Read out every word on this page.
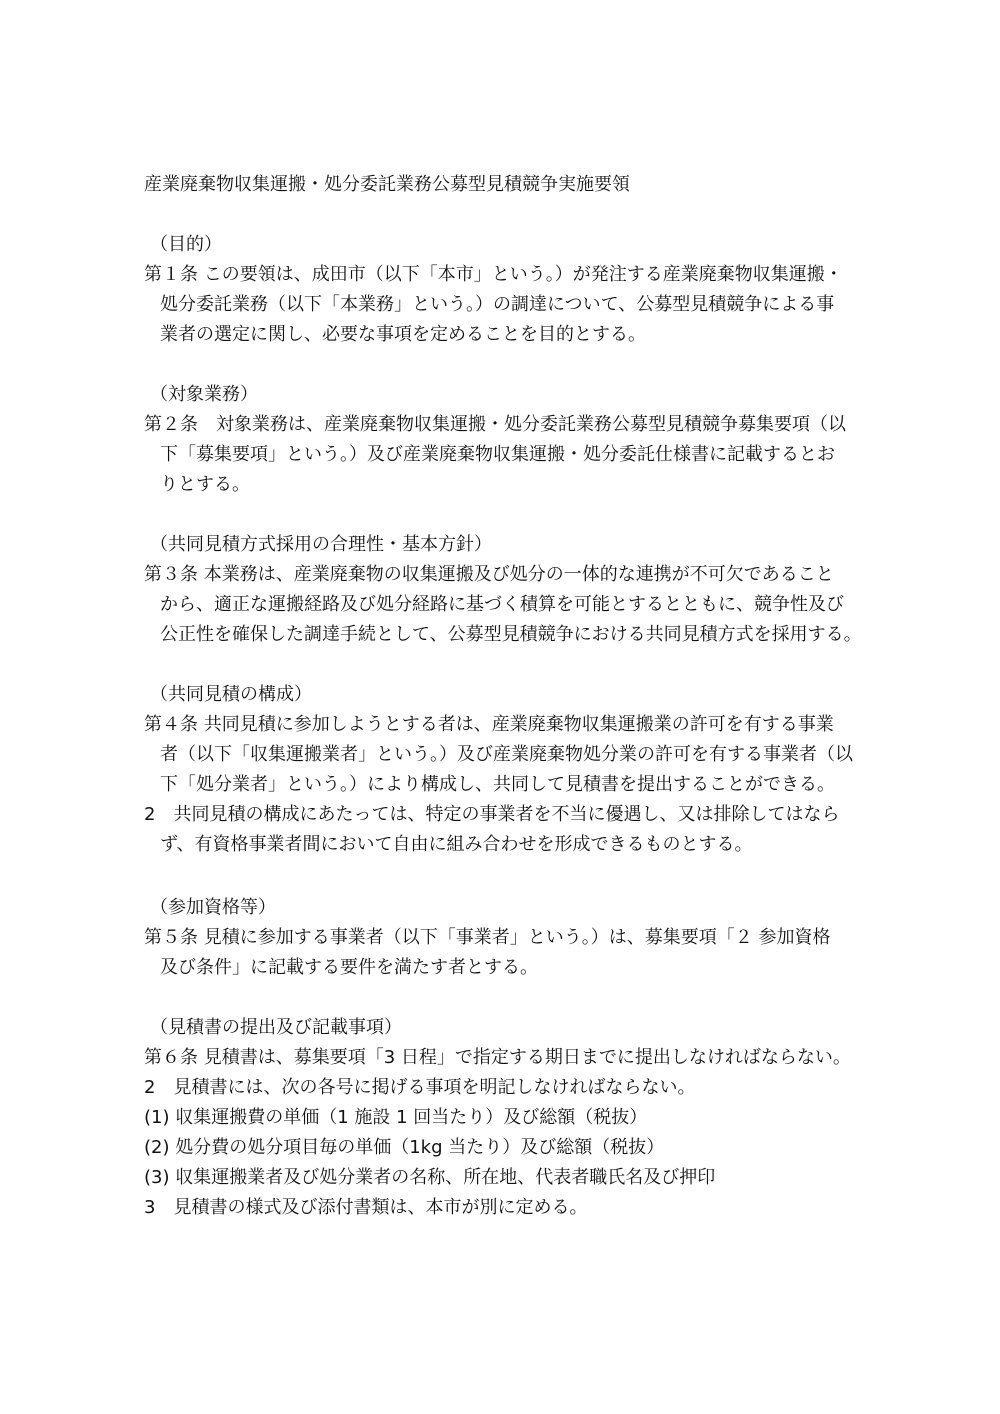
産業廃棄物収集運搬・処分委託業務公募型見積競争実施要領
（目的）
第１条 この要領は、成田市（以下「本市」という。）が発注する産業廃棄物収集運搬・
処分委託業務（以下「本業務」という。）の調達について、公募型見積競争による事
業者の選定に関し、必要な事項を定めることを目的とする。
（対象業務）
第２条　対象業務は、産業廃棄物収集運搬・処分委託業務公募型見積競争募集要項（以
下「募集要項」という。）及び産業廃棄物収集運搬・処分委託仕様書に記載するとお
りとする。
（共同見積方式採用の合理性・基本方針）
第３条 本業務は、産業廃棄物の収集運搬及び処分の一体的な連携が不可欠であること
から、適正な運搬経路及び処分経路に基づく積算を可能とするとともに、競争性及び
公正性を確保した調達手続として、公募型見積競争における共同見積方式を採用する。
（共同見積の構成）
第４条 共同見積に参加しようとする者は、産業廃棄物収集運搬業の許可を有する事業
者（以下「収集運搬業者」という。）及び産業廃棄物処分業の許可を有する事業者（以
下「処分業者」という。）により構成し、共同して見積書を提出することができる。
2　共同見積の構成にあたっては、特定の事業者を不当に優遇し、又は排除してはなら
ず、有資格事業者間において自由に組み合わせを形成できるものとする。
（参加資格等）
第５条 見積に参加する事業者（以下「事業者」という。）は、募集要項「２ 参加資格
及び条件」に記載する要件を満たす者とする。
（見積書の提出及び記載事項）
第６条 見積書は、募集要項「3 日程」で指定する期日までに提出しなければならない。
2　見積書には、次の各号に掲げる事項を明記しなければならない。
(1) 収集運搬費の単価（1 施設 1 回当たり）及び総額（税抜）
(2) 処分費の処分項目毎の単価（1kg 当たり）及び総額（税抜）
(3) 収集運搬業者及び処分業者の名称、所在地、代表者職氏名及び押印
3　見積書の様式及び添付書類は、本市が別に定める。
